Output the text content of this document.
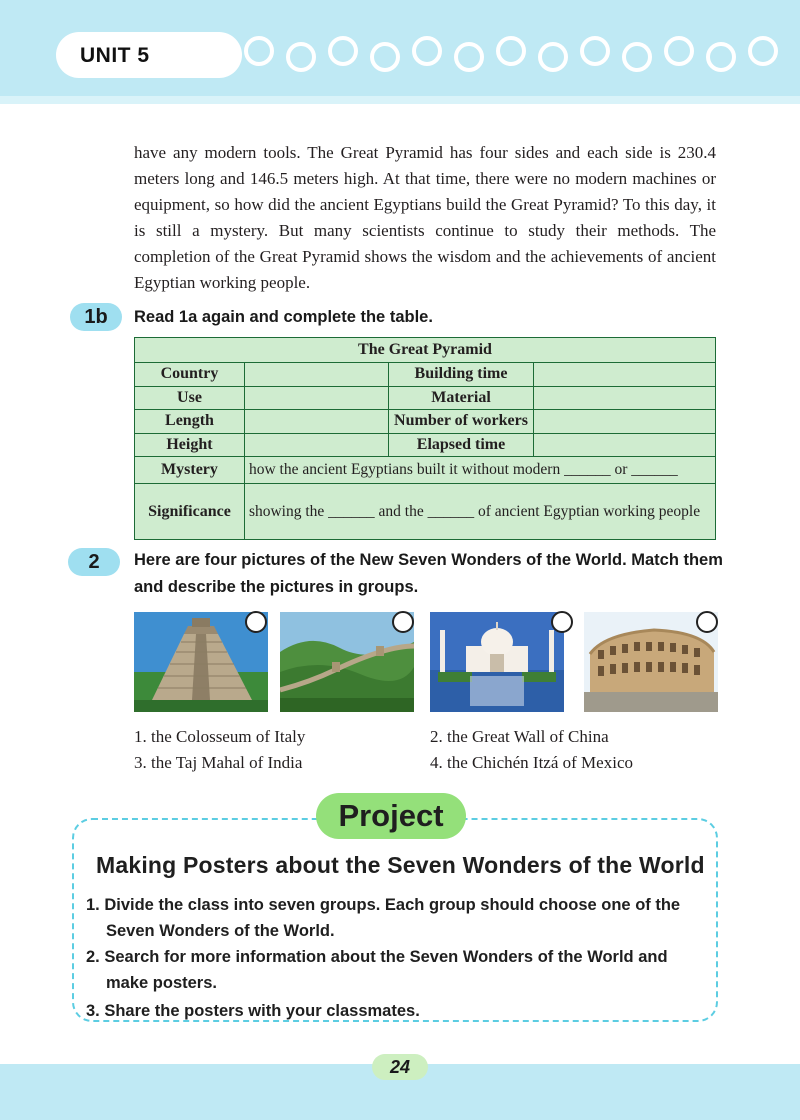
UNIT 5

have any modern tools. The Great Pyramid has four sides and each side is 230.4 meters long and 146.5 meters high. At that time, there were no modern machines or equipment, so how did the ancient Egyptians build the Great Pyramid? To this day, it is still a mystery. But many scientists continue to study their methods. The completion of the Great Pyramid shows the wisdom and the achievements of ancient Egyptian working people.

1b	Read 1a again and complete the table.
The Great Pyramid			
Country		Building time	
Use		Material	
Length		Number of workers	
Height		Elapsed time	
Mystery	how the ancient Egyptians built it without modern ______ or ______		
Significance	showing the ______ and the ______ of ancient Egyptian working people		
2	Here are four pictures of the New Seven Wonders of the World. Match them and describe the pictures in groups.
1. the Colosseum of Italy	2. the Great Wall of China
3. the Taj Mahal of India	4. the Chichén Itzá of Mexico
Project
Making Posters about the Seven Wonders of the World
1. Divide the class into seven groups. Each group should choose one of the Seven Wonders of the World.
2. Search for more information about the Seven Wonders of the World and make posters.
3. Share the posters with your classmates.
24
